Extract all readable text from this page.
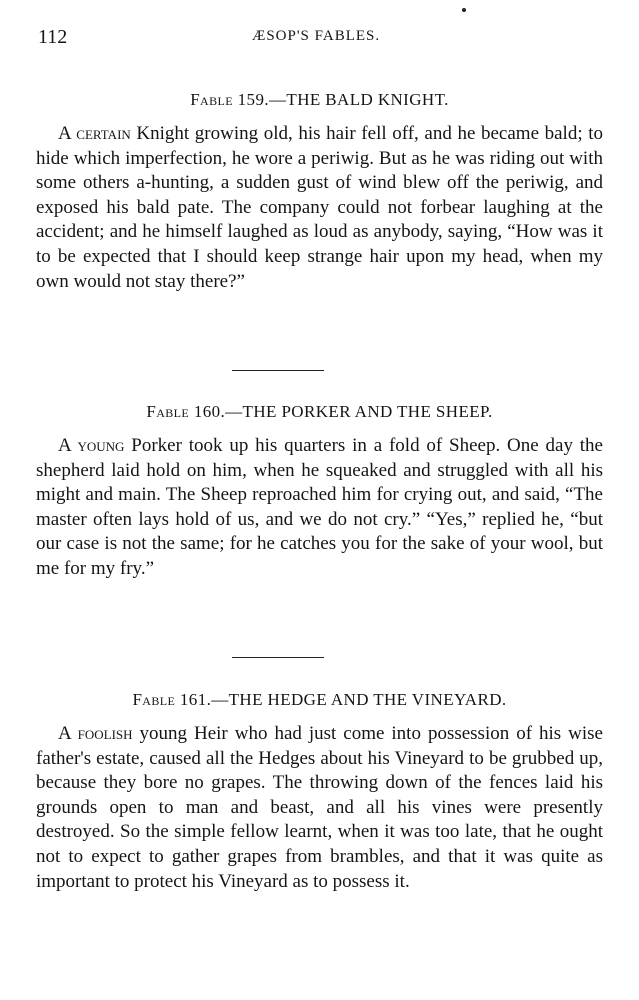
112	ÆSOP'S FABLES.
Fable 159.—THE BALD KNIGHT.

A certain Knight growing old, his hair fell off, and he became bald; to hide which imperfection, he wore a periwig. But as he was riding out with some others a-hunting, a sudden gust of wind blew off the periwig, and exposed his bald pate. The company could not forbear laughing at the accident; and he himself laughed as loud as anybody, saying, “How was it to be expected that I should keep strange hair upon my head, when my own would not stay there?”

Fable 160.—THE PORKER AND THE SHEEP.

A young Porker took up his quarters in a fold of Sheep. One day the shepherd laid hold on him, when he squeaked and struggled with all his might and main. The Sheep reproached him for crying out, and said, “The master often lays hold of us, and we do not cry.” “Yes,” replied he, “but our case is not the same; for he catches you for the sake of your wool, but me for my fry.”

Fable 161.—THE HEDGE AND THE VINEYARD.

A foolish young Heir who had just come into possession of his wise father's estate, caused all the Hedges about his Vineyard to be grubbed up, because they bore no grapes. The throwing down of the fences laid his grounds open to man and beast, and all his vines were presently destroyed. So the simple fellow learnt, when it was too late, that he ought not to expect to gather grapes from brambles, and that it was quite as important to protect his Vineyard as to possess it.
